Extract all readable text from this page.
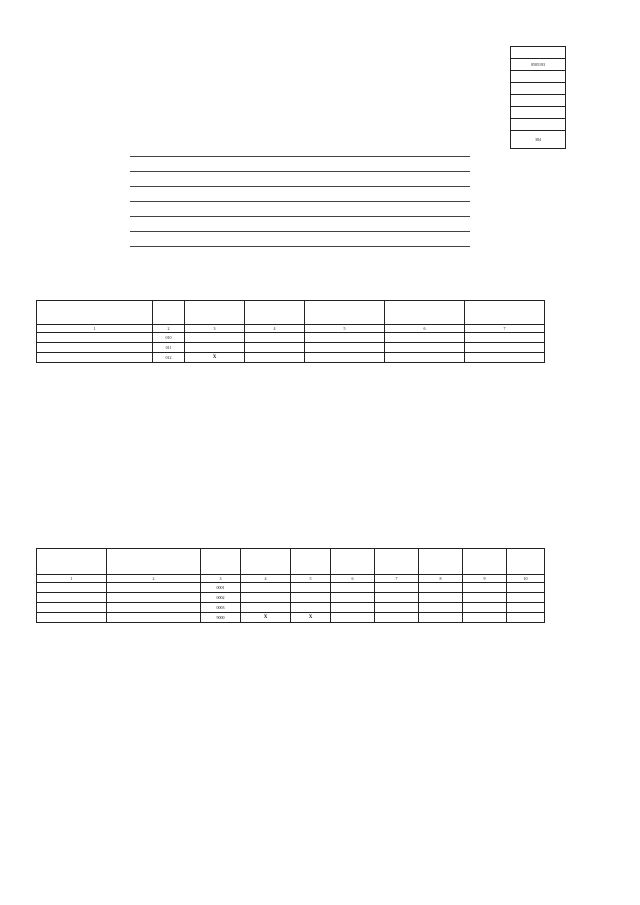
0505193

384

1	2	3	4	5	6	7
	010					
	011					
	012	X				

1	2	3	4	5	6	7	8	9	10
		0001							
		0002							
		0003							
		9000	X	X					
